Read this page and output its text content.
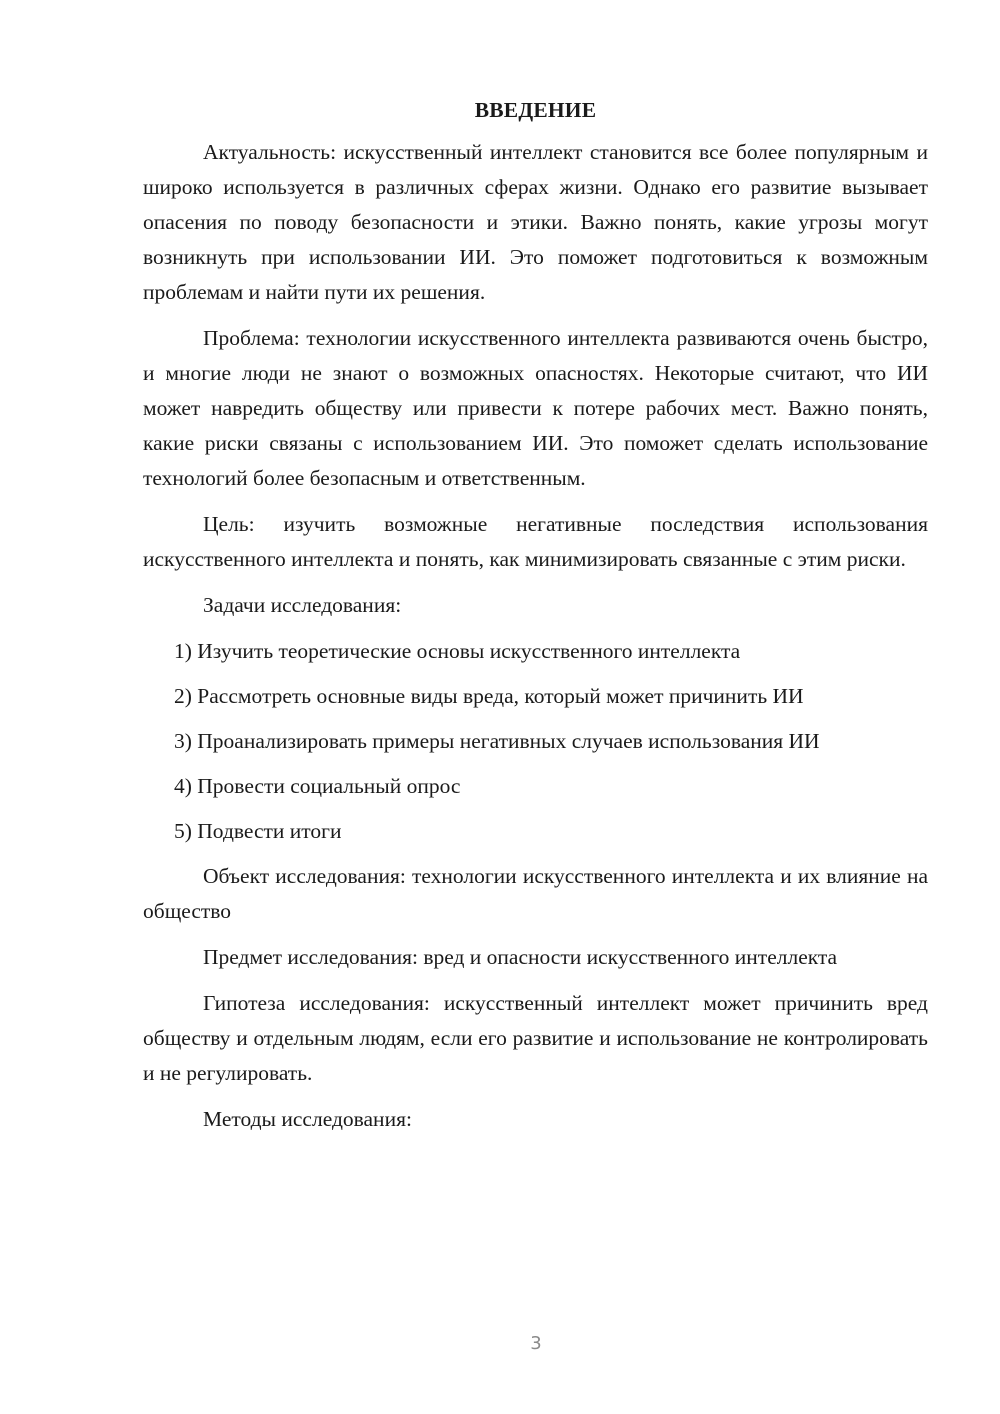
ВВЕДЕНИЕ

Актуальность: искусственный интеллект становится все более популярным и широко используется в различных сферах жизни. Однако его развитие вызывает опасения по поводу безопасности и этики. Важно понять, какие угрозы могут возникнуть при использовании ИИ. Это поможет подготовиться к возможным проблемам и найти пути их решения.

Проблема: технологии искусственного интеллекта развиваются очень быстро, и многие люди не знают о возможных опасностях. Некоторые считают, что ИИ может навредить обществу или привести к потере рабочих мест. Важно понять, какие риски связаны с использованием ИИ. Это поможет сделать использование технологий более безопасным и ответственным.

Цель: изучить возможные негативные последствия использования искусственного интеллекта и понять, как минимизировать связанные с этим риски.

Задачи исследования:

1) Изучить теоретические основы искусственного интеллекта
2) Рассмотреть основные виды вреда, который может причинить ИИ
3) Проанализировать примеры негативных случаев использования ИИ
4) Провести социальный опрос
5) Подвести итоги

Объект исследования: технологии искусственного интеллекта и их влияние на общество

Предмет исследования: вред и опасности искусственного интеллекта

Гипотеза исследования: искусственный интеллект может причинить вред обществу и отдельным людям, если его развитие и использование не контролировать и не регулировать.

Методы исследования:

3
